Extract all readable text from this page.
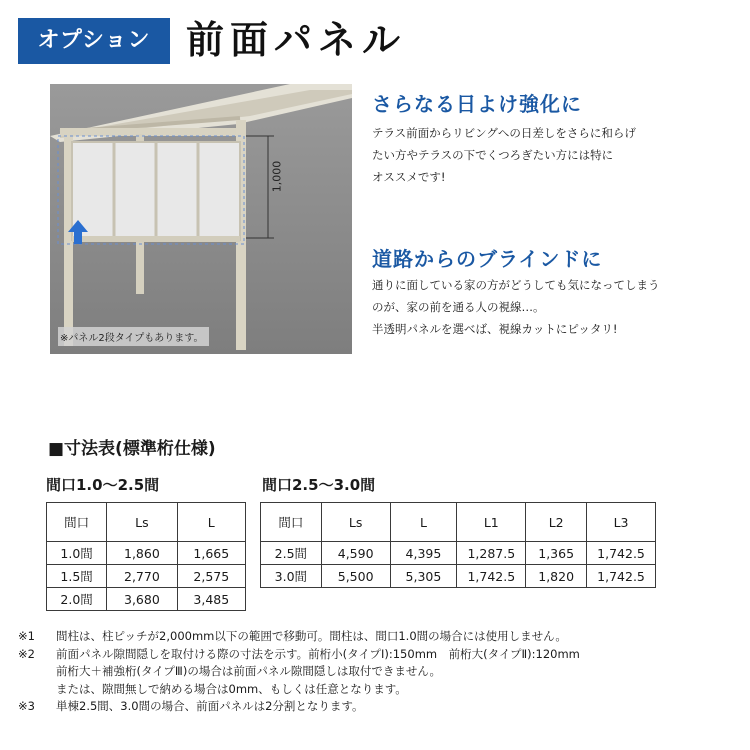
オプション 前面パネル
1,000
※パネル2段タイプもあります。
さらなる日よけ強化に
テラス前面からリビングへの日差しをさらに和らげ
たい方やテラスの下でくつろぎたい方には特に
オススメです!
道路からのブラインドに
通りに面している家の方がどうしても気になってしまう
のが、家の前を通る人の視線…。
半透明パネルを選べば、視線カットにピッタリ!
■寸法表(標準桁仕様)
間口1.0～2.5間	間口2.5～3.0間
間口	Ls	L
1.0間	1,860	1,665
1.5間	2,770	2,575
2.0間	3,680	3,485
間口	Ls	L	L1	L2	L3
2.5間	4,590	4,395	1,287.5	1,365	1,742.5
3.0間	5,500	5,305	1,742.5	1,820	1,742.5
※1 間柱は、柱ピッチが2,000mm以下の範囲で移動可。間柱は、間口1.0間の場合には使用しません。
※2 前面パネル隙間隠しを取付ける際の寸法を示す。前桁小(タイプⅠ):150mm　前桁大(タイプⅡ):120mm
前桁大＋補強桁(タイプⅢ)の場合は前面パネル隙間隠しは取付できません。
または、隙間無しで納める場合は0mm、もしくは任意となります。
※3 単棟2.5間、3.0間の場合、前面パネルは2分割となります。
